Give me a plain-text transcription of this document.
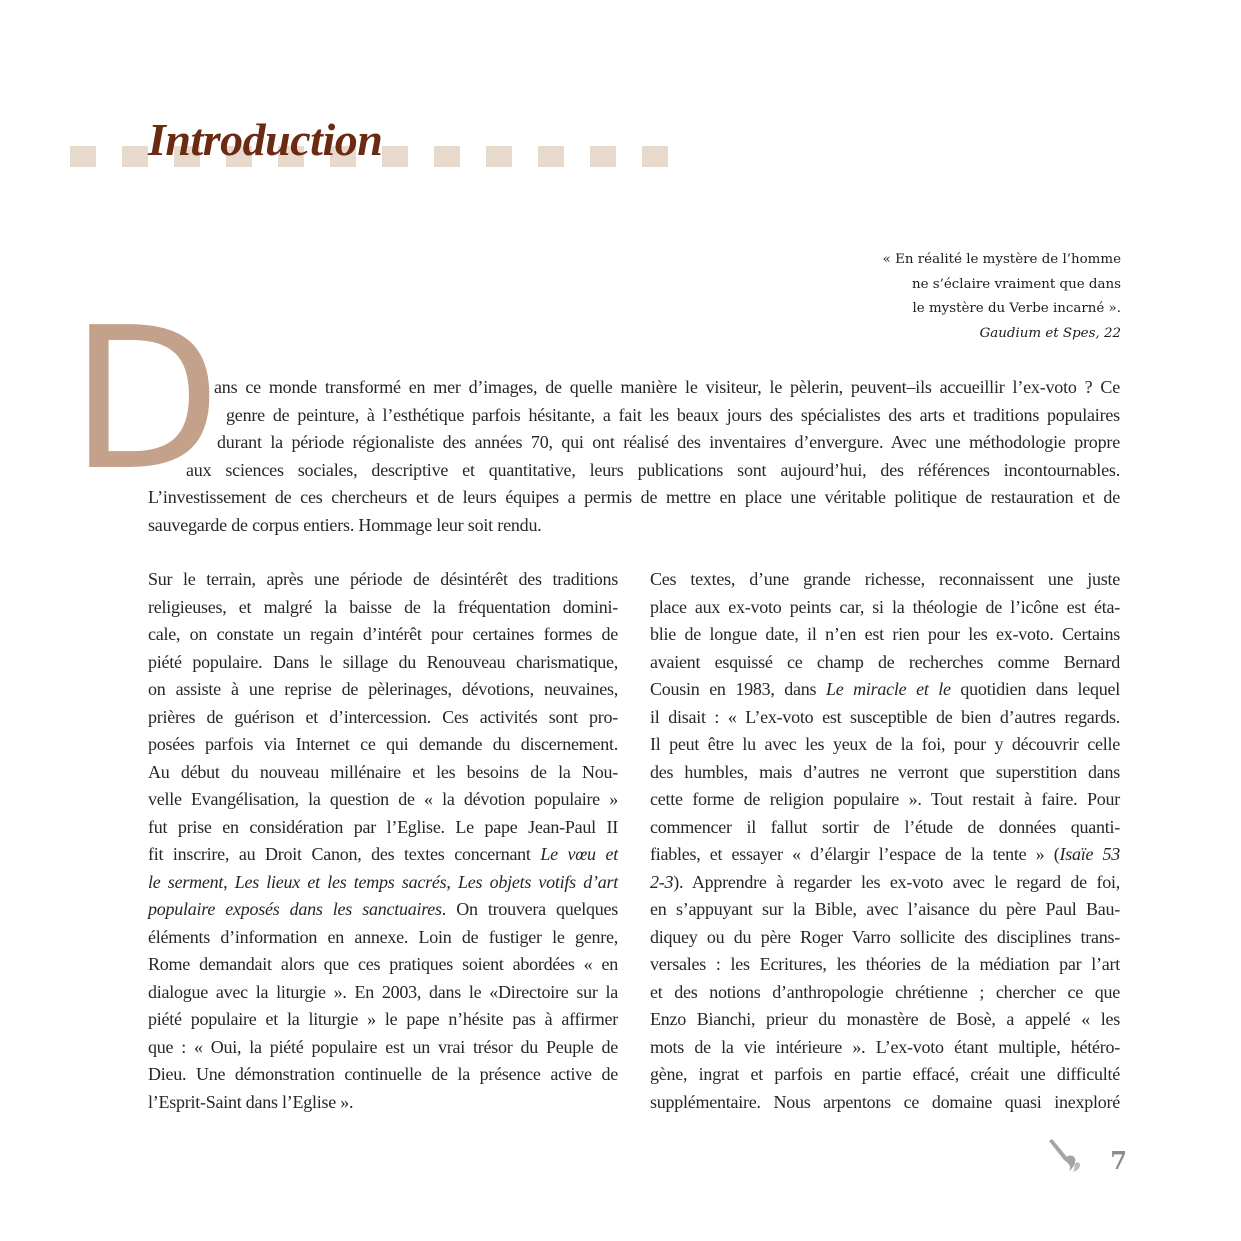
Introduction
« En réalité le mystère de l’homme
ne s’éclaire vraiment que dans
le mystère du Verbe incarné ».
Gaudium et Spes, 22
D

ans ce monde transformé en mer d’images, de quelle manière le visiteur, le pèlerin, peuvent–ils accueillir l’ex-voto ? Ce
genre de peinture, à l’esthétique parfois hésitante, a fait les beaux jours des spécialistes des arts et traditions populaires
durant la période régionaliste des années 70, qui ont réalisé des inventaires d’envergure. Avec une méthodologie propre
aux sciences sociales, descriptive et quantitative, leurs publications sont aujourd’hui, des références incontournables.
L’investissement de ces chercheurs et de leurs équipes a permis de mettre en place une véritable politique de restauration et de
sauvegarde de corpus entiers. Hommage leur soit rendu.

Sur le terrain, après une période de désintérêt des traditions
religieuses, et malgré la baisse de la fréquentation domini-
cale, on constate un regain d’intérêt pour certaines formes de
piété populaire. Dans le sillage du Renouveau charismatique,
on assiste à une reprise de pèlerinages, dévotions, neuvaines,
prières de guérison et d’intercession. Ces activités sont pro-
posées parfois via Internet ce qui demande du discernement.
Au début du nouveau millénaire et les besoins de la Nou-
velle Evangélisation, la question de « la dévotion populaire »
fut prise en considération par l’Eglise. Le pape Jean-Paul II
fit inscrire, au Droit Canon, des textes concernant Le vœu et
le serment, Les lieux et les temps sacrés, Les objets votifs d’art
populaire exposés dans les sanctuaires. On trouvera quelques
éléments d’information en annexe. Loin de fustiger le genre,
Rome demandait alors que ces pratiques soient abordées « en
dialogue avec la liturgie ». En 2003, dans le «Directoire sur la
piété populaire et la liturgie » le pape n’hésite pas à affirmer
que : « Oui, la piété populaire est un vrai trésor du Peuple de
Dieu. Une démonstration continuelle de la présence active de
l’Esprit-Saint dans l’Eglise ».
Ces textes, d’une grande richesse, reconnaissent une juste
place aux ex-voto peints car, si la théologie de l’icône est éta-
blie de longue date, il n’en est rien pour les ex-voto. Certains
avaient esquissé ce champ de recherches comme Bernard
Cousin en 1983, dans Le miracle et le quotidien dans lequel
il disait : « L’ex-voto est susceptible de bien d’autres regards.
Il peut être lu avec les yeux de la foi, pour y découvrir celle
des humbles, mais d’autres ne verront que superstition dans
cette forme de religion populaire ». Tout restait à faire. Pour
commencer il fallut sortir de l’étude de données quanti-
fiables, et essayer « d’élargir l’espace de la tente » (Isaïe 53
2-3). Apprendre à regarder les ex-voto avec le regard de foi,
en s’appuyant sur la Bible, avec l’aisance du père Paul Bau-
diquey ou du père Roger Varro sollicite des disciplines trans-
versales : les Ecritures, les théories de la médiation par l’art
et des notions d’anthropologie chrétienne ; chercher ce que
Enzo Bianchi, prieur du monastère de Bosè, a appelé « les
mots de la vie intérieure ». L’ex-voto étant multiple, hétéro-
gène, ingrat et parfois en partie effacé, créait une difficulté
supplémentaire. Nous arpentons ce domaine quasi inexploré
7
